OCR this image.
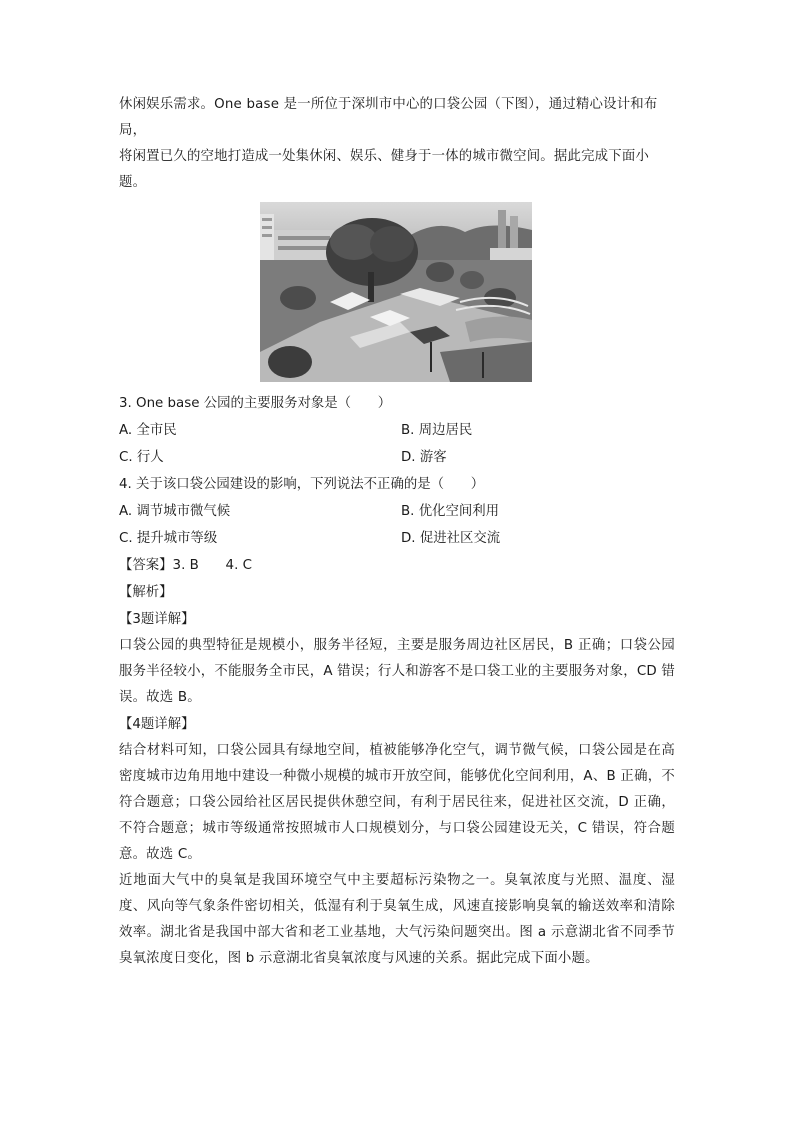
休闲娱乐需求。One base 是一所位于深圳市中心的口袋公园（下图），通过精心设计和布局，

将闲置已久的空地打造成一处集休闲、娱乐、健身于一体的城市微空间。据此完成下面小题。

3. One base 公园的主要服务对象是（　　）

A. 全市民	B. 周边居民
C. 行人	D. 游客

4. 关于该口袋公园建设的影响，下列说法不正确的是（　　）

A. 调节城市微气候	B. 优化空间利用
C. 提升城市等级	D. 促进社区交流

【答案】3. B　　4. C

【解析】

【3题详解】

口袋公园的典型特征是规模小，服务半径短，主要是服务周边社区居民，B 正确；口袋公园服务半径较小，不能服务全市民，A 错误；行人和游客不是口袋工业的主要服务对象，CD 错误。故选 B。

【4题详解】

结合材料可知，口袋公园具有绿地空间，植被能够净化空气，调节微气候，口袋公园是在高密度城市边角用地中建设一种微小规模的城市开放空间，能够优化空间利用，A、B 正确，不符合题意；口袋公园给社区居民提供休憩空间，有利于居民往来，促进社区交流，D 正确，不符合题意；城市等级通常按照城市人口规模划分，与口袋公园建设无关，C 错误，符合题意。故选 C。

近地面大气中的臭氧是我国环境空气中主要超标污染物之一。臭氧浓度与光照、温度、湿度、风向等气象条件密切相关，低湿有利于臭氧生成，风速直接影响臭氧的输送效率和清除效率。湖北省是我国中部大省和老工业基地，大气污染问题突出。图 a 示意湖北省不同季节臭氧浓度日变化，图 b 示意湖北省臭氧浓度与风速的关系。据此完成下面小题。
